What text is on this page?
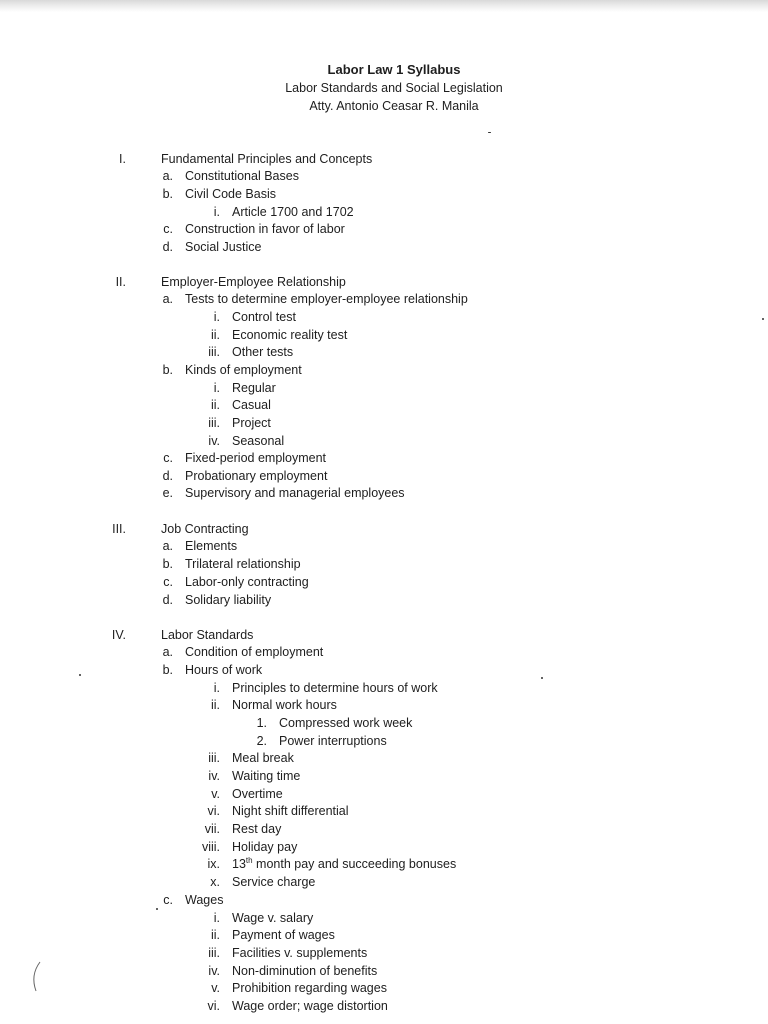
Labor Law 1 Syllabus
Labor Standards and Social Legislation
Atty. Antonio Ceasar R. Manila
I.	Fundamental Principles and Concepts
a. Constitutional Bases
b. Civil Code Basis
i. Article 1700 and 1702
c. Construction in favor of labor
d. Social Justice
II.	Employer-Employee Relationship
a. Tests to determine employer-employee relationship
i. Control test
ii. Economic reality test
iii. Other tests
b. Kinds of employment
i. Regular
ii. Casual
iii. Project
iv. Seasonal
c. Fixed-period employment
d. Probationary employment
e. Supervisory and managerial employees
III.	Job Contracting
a. Elements
b. Trilateral relationship
c. Labor-only contracting
d. Solidary liability
IV.	Labor Standards
a. Condition of employment
b. Hours of work
i. Principles to determine hours of work
ii. Normal work hours
1. Compressed work week
2. Power interruptions
iii. Meal break
iv. Waiting time
v. Overtime
vi. Night shift differential
vii. Rest day
viii. Holiday pay
ix. 13th month pay and succeeding bonuses
x. Service charge
c. Wages
i. Wage v. salary
ii. Payment of wages
iii. Facilities v. supplements
iv. Non-diminution of benefits
v. Prohibition regarding wages
vi. Wage order; wage distortion
